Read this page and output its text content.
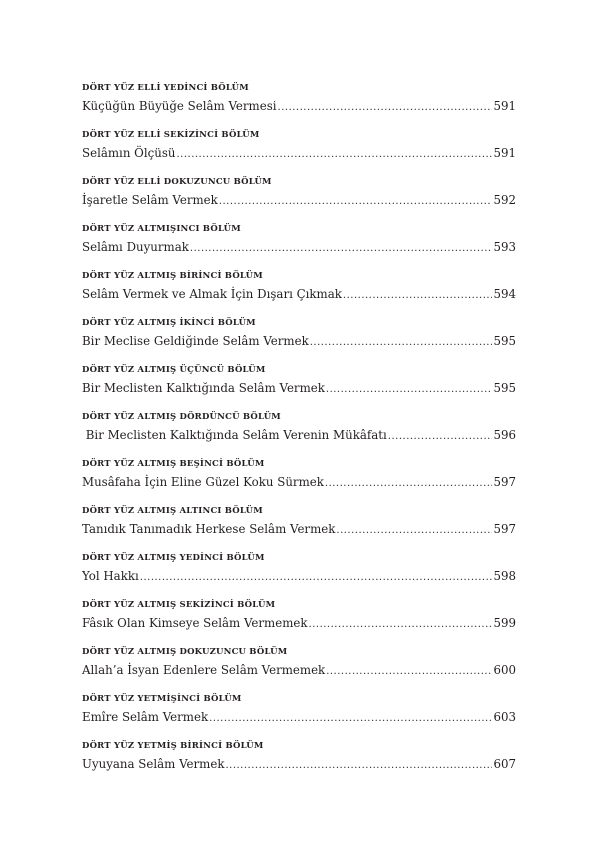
DÖRT YÜZ ELLİ YEDİNCİ BÖLÜM
Küçüğün Büyüğe Selâm Vermesi .....	591
DÖRT YÜZ ELLİ SEKİZİNCİ BÖLÜM
Selâmın Ölçüsü .....	591
DÖRT YÜZ ELLİ DOKUZUNCU BÖLÜM
İşaretle Selâm Vermek .....	592
DÖRT YÜZ ALTMIŞINCI BÖLÜM
Selâmı Duyurmak .....	593
DÖRT YÜZ ALTMIŞ BİRİNCİ BÖLÜM
Selâm Vermek ve Almak İçin Dışarı Çıkmak .....	594
DÖRT YÜZ ALTMIŞ İKİNCİ BÖLÜM
Bir Meclise Geldiğinde Selâm Vermek .....	595
DÖRT YÜZ ALTMIŞ ÜÇÜNCÜ BÖLÜM
Bir Meclisten Kalktığında Selâm Vermek .....	595
DÖRT YÜZ ALTMIŞ DÖRDÜNCÜ BÖLÜM
Bir Meclisten Kalktığında Selâm Verenin Mükâfatı .....	596
DÖRT YÜZ ALTMIŞ BEŞİNCİ BÖLÜM
Musâfaha İçin Eline Güzel Koku Sürmek .....	597
DÖRT YÜZ ALTMIŞ ALTINCI BÖLÜM
Tanıdık Tanımadık Herkese Selâm Vermek .....	597
DÖRT YÜZ ALTMIŞ YEDİNCİ BÖLÜM
Yol Hakkı .....	598
DÖRT YÜZ ALTMIŞ SEKİZİNCİ BÖLÜM
Fâsık Olan Kimseye Selâm Vermemek .....	599
DÖRT YÜZ ALTMIŞ DOKUZUNCU BÖLÜM
Allah’a İsyan Edenlere Selâm Vermemek .....	600
DÖRT YÜZ YETMİŞİNCİ BÖLÜM
Emîre Selâm Vermek .....	603
DÖRT YÜZ YETMİŞ BİRİNCİ BÖLÜM
Uyuyana Selâm Vermek .....	607
